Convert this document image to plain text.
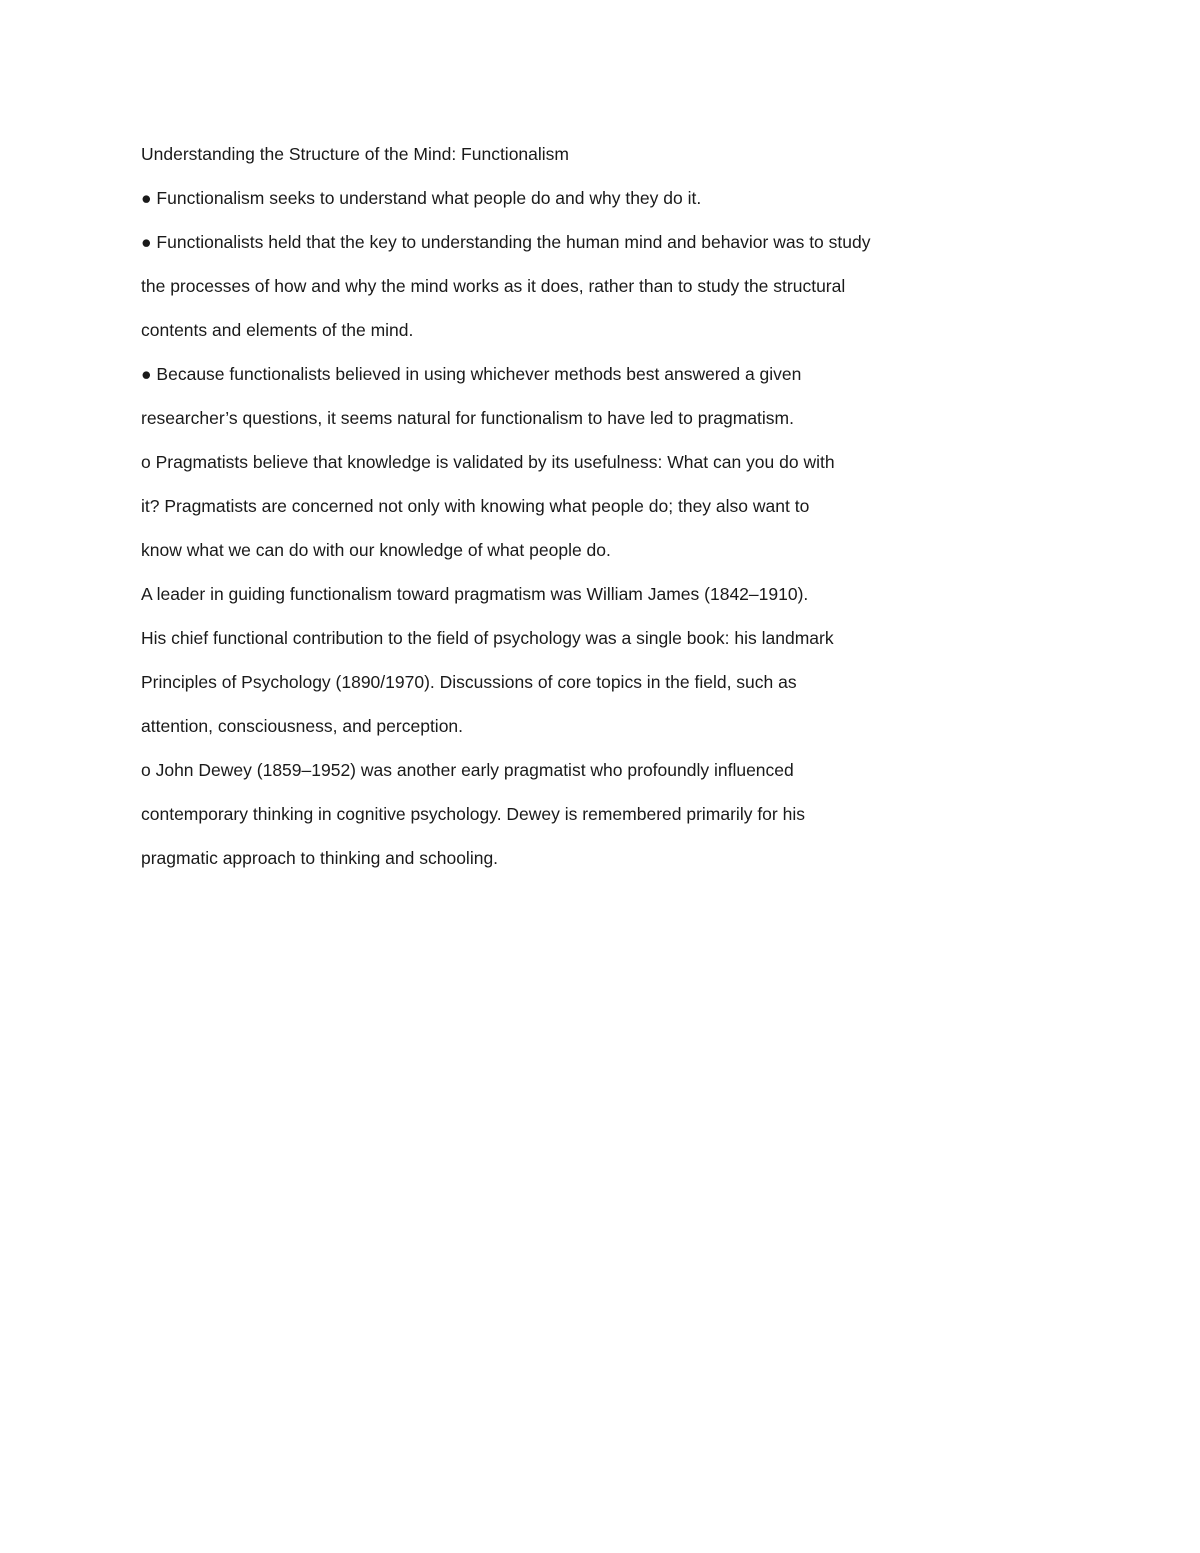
Understanding the Structure of the Mind: Functionalism
● Functionalism seeks to understand what people do and why they do it.
● Functionalists held that the key to understanding the human mind and behavior was to study
the processes of how and why the mind works as it does, rather than to study the structural
contents and elements of the mind.
● Because functionalists believed in using whichever methods best answered a given
researcher’s questions, it seems natural for functionalism to have led to pragmatism.
o Pragmatists believe that knowledge is validated by its usefulness: What can you do with
it? Pragmatists are concerned not only with knowing what people do; they also want to
know what we can do with our knowledge of what people do.
A leader in guiding functionalism toward pragmatism was William James (1842–1910).
His chief functional contribution to the field of psychology was a single book: his landmark
Principles of Psychology (1890/1970). Discussions of core topics in the field, such as
attention, consciousness, and perception.
o John Dewey (1859–1952) was another early pragmatist who profoundly influenced
contemporary thinking in cognitive psychology. Dewey is remembered primarily for his
pragmatic approach to thinking and schooling.
